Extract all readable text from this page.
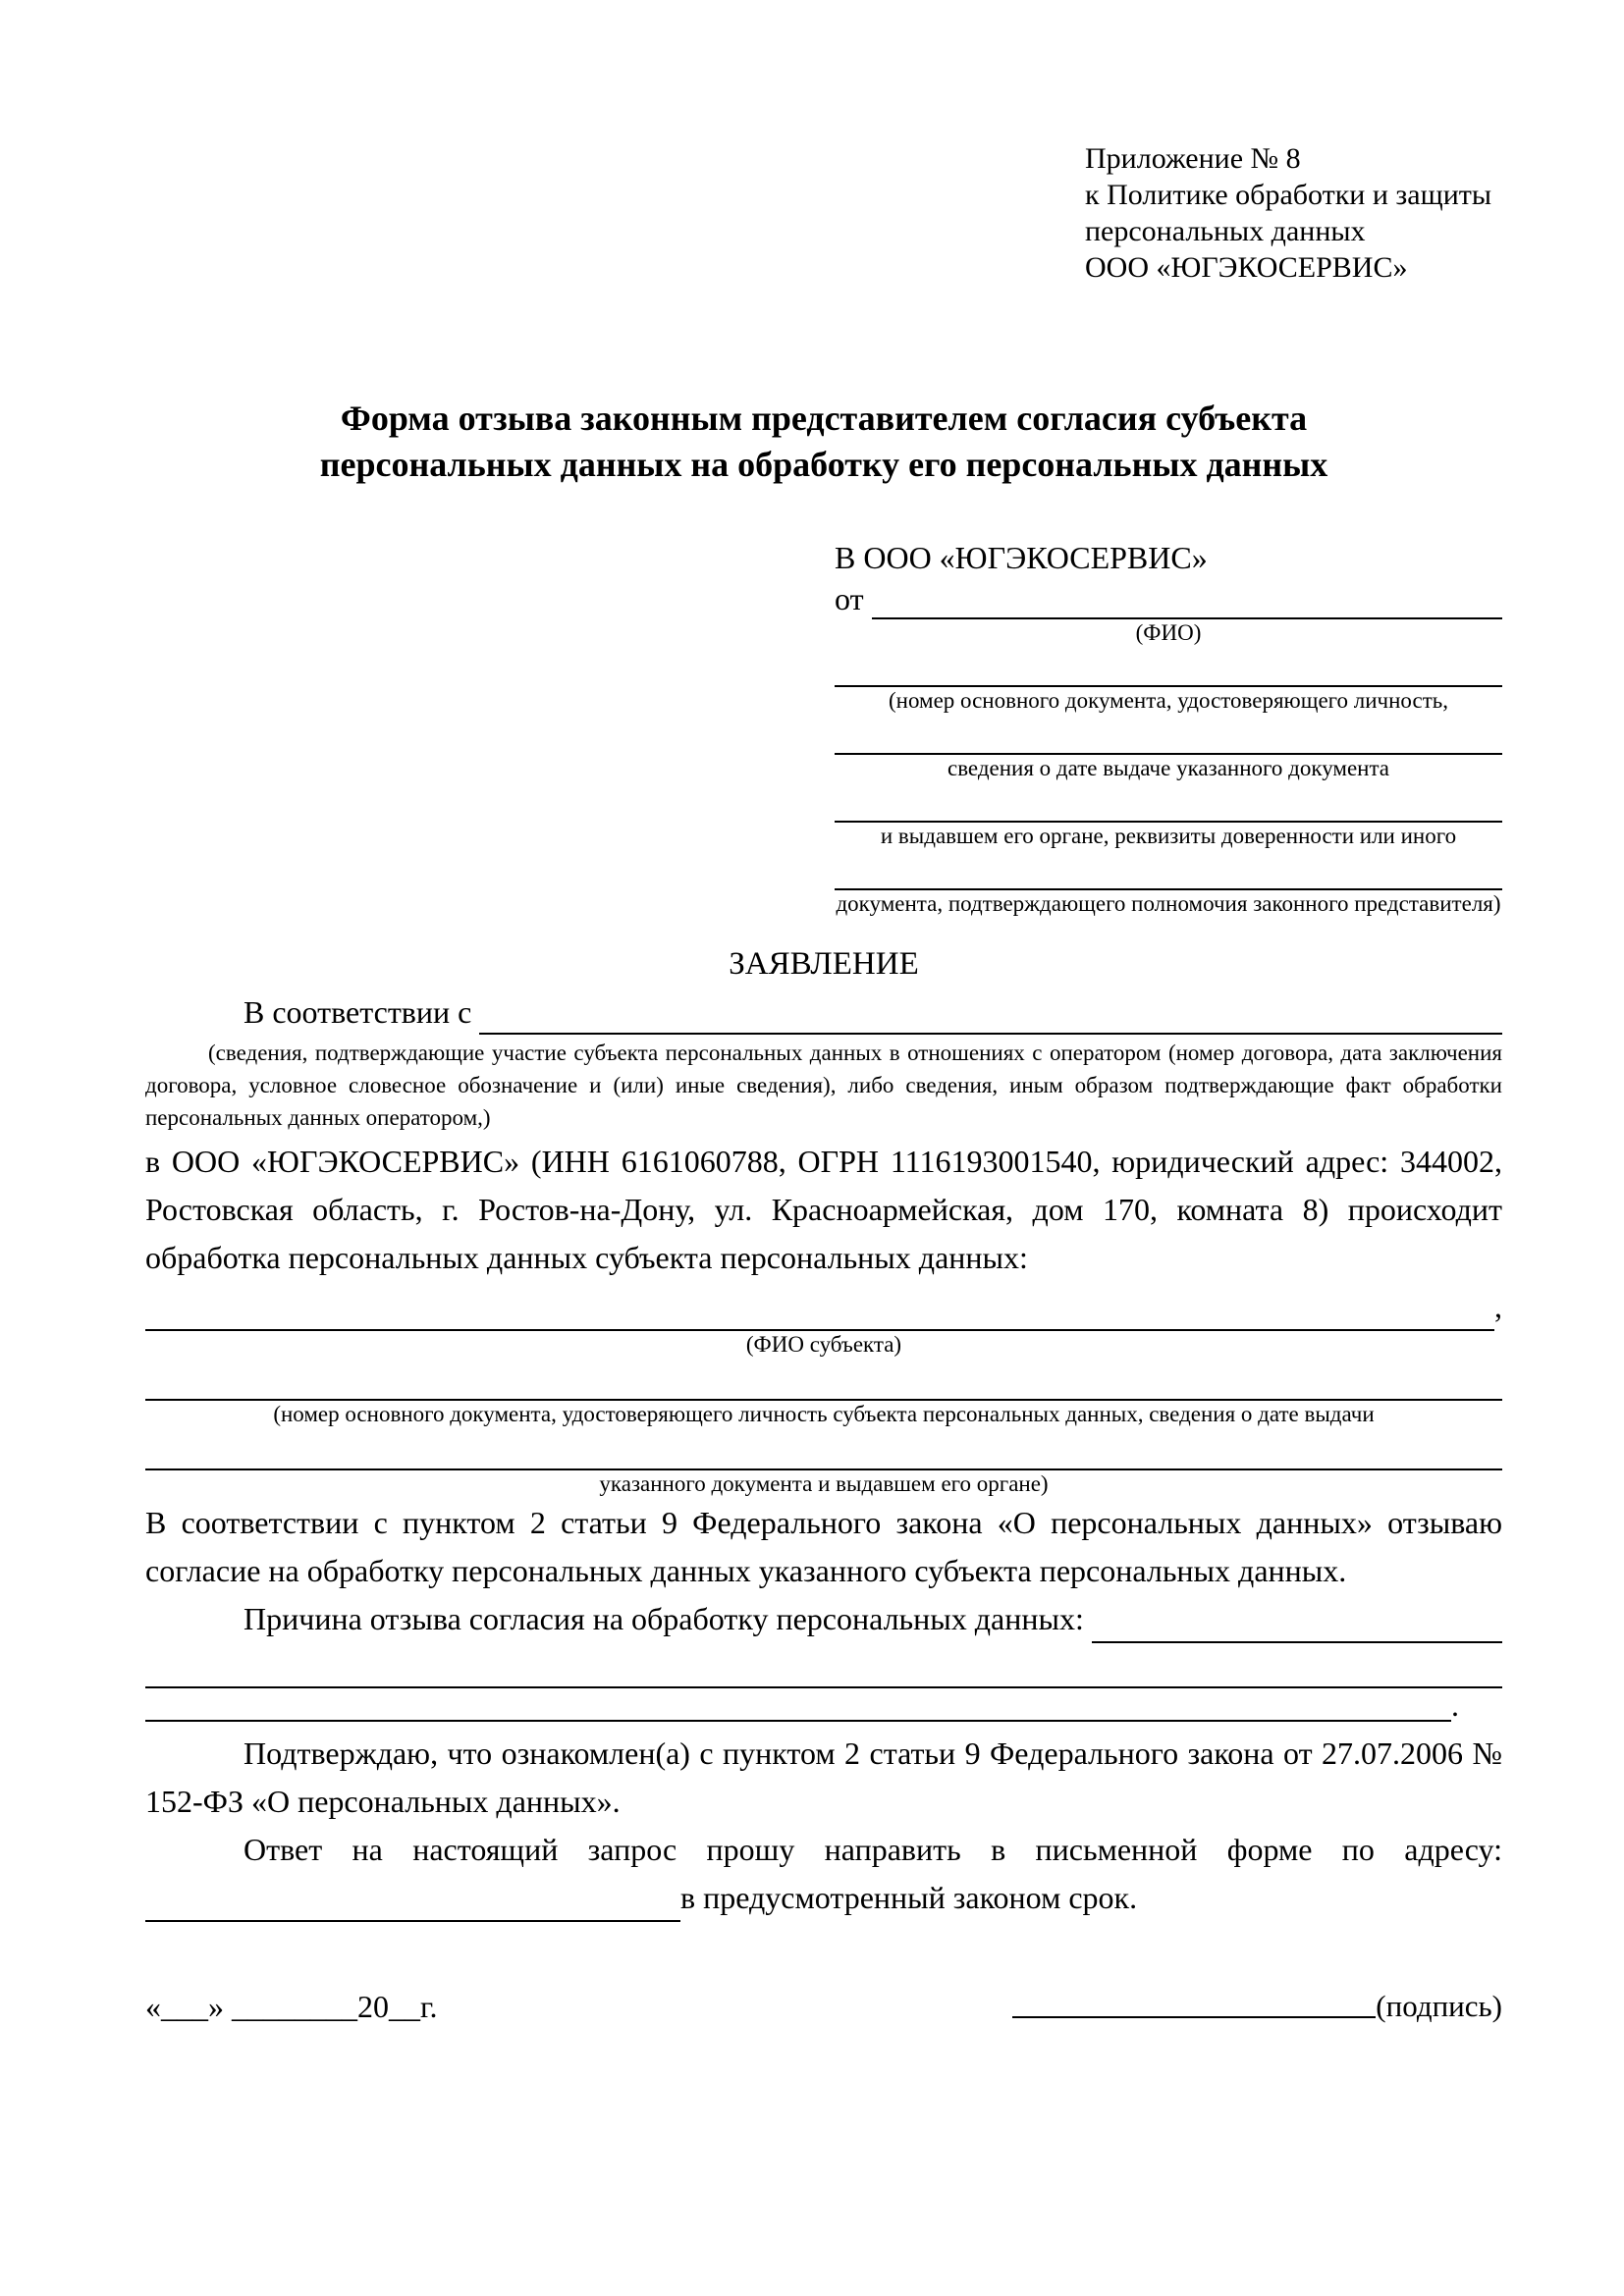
Приложение № 8
к Политике обработки и защиты
персональных данных
ООО «ЮГЭКОСЕРВИС»
Форма отзыва законным представителем согласия субъекта
персональных данных на обработку его персональных данных
В ООО «ЮГЭКОСЕРВИС»
от
(ФИО)
(номер основного документа, удостоверяющего личность,
сведения о дате выдаче указанного документа
и выдавшем его органе, реквизиты доверенности или иного
документа, подтверждающего полномочия законного представителя)
ЗАЯВЛЕНИЕ
В соответствии с

(сведения, подтверждающие участие субъекта персональных данных в отношениях с оператором (номер договора, дата заключения договора, условное словесное обозначение и (или) иные сведения), либо сведения, иным образом подтверждающие факт обработки персональных данных оператором,)

в ООО «ЮГЭКОСЕРВИС» (ИНН 6161060788, ОГРН 1116193001540, юридический адрес: 344002, Ростовская область, г. Ростов-на-Дону, ул. Красноармейская, дом 170, комната 8) происходит обработка персональных данных субъекта персональных данных:

,
(ФИО субъекта)
(номер основного документа, удостоверяющего личность субъекта персональных данных, сведения о дате выдачи
указанного документа и выдавшем его органе)

В соответствии с пунктом 2 статьи 9 Федерального закона «О персональных данных» отзываю согласие на обработку персональных данных указанного субъекта персональных данных.

Причина отзыва согласия на обработку персональных данных:
.

Подтверждаю, что ознакомлен(а) с пунктом 2 статьи 9 Федерального закона от 27.07.2006 № 152-ФЗ «О персональных данных».

Ответ на настоящий запрос прошу направить в письменной форме по адресу:

в предусмотренный законом срок.
«___» ________20__г.	(подпись)
